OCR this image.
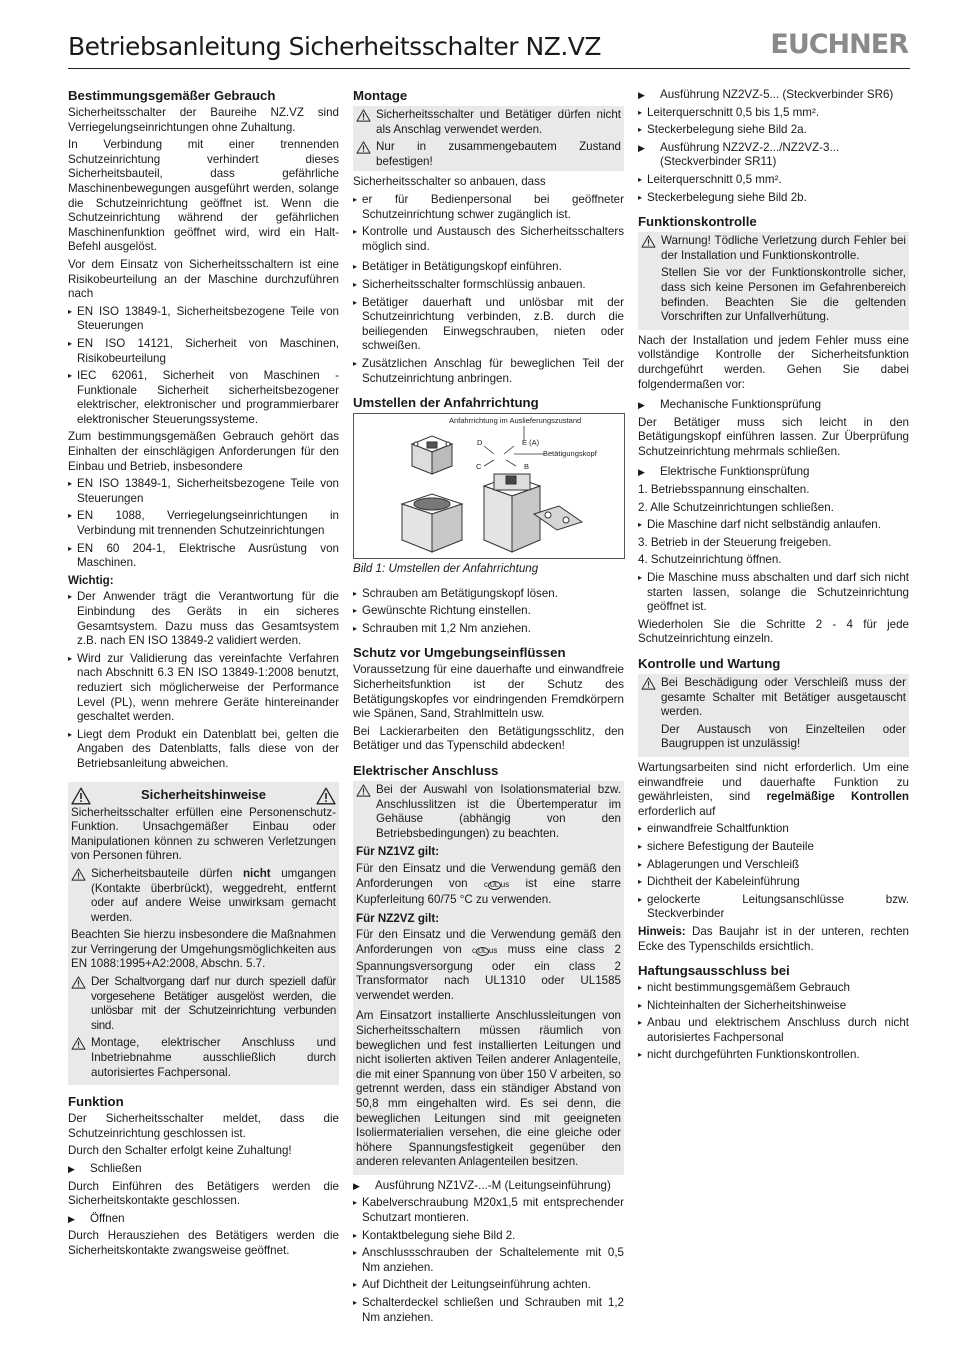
Betriebsanleitung Sicherheitsschalter NZ.VZ	EUCHNER
Bestimmungsgemäßer Gebrauch

Sicherheitsschalter der Baureihe NZ.VZ sind Verriegelungseinrichtungen ohne Zuhaltung.

In Verbindung mit einer trennenden Schutzeinrichtung verhindert dieses Sicherheitsbauteil, dass gefährliche Maschinenbewegungen ausgeführt werden, solange die Schutzeinrichtung geöffnet ist. Wenn die Schutzeinrichtung während der gefährlichen Maschinenfunktion geöffnet wird, wird ein Halt-Befehl ausgelöst.

Vor dem Einsatz von Sicherheitsschaltern ist eine Risikobeurteilung an der Maschine durchzuführen nach

▸ EN ISO 13849-1, Sicherheitsbezogene Teile von Steuerungen
▸ EN ISO 14121, Sicherheit von Maschinen, Risikobeurteilung
▸ IEC 62061, Sicherheit von Maschinen - Funktionale Sicherheit sicherheitsbezogener elektrischer, elektronischer und programmierbarer elektronischer Steuerungssysteme.

Zum bestimmungsgemäßen Gebrauch gehört das Einhalten der einschlägigen Anforderungen für den Einbau und Betrieb, insbesondere

▸ EN ISO 13849-1, Sicherheitsbezogene Teile von Steuerungen
▸ EN 1088, Verriegelungseinrichtungen in Verbindung mit trennenden Schutzeinrichtungen
▸ EN 60 204-1, Elektrische Ausrüstung von Maschinen.
Wichtig:
▸ Der Anwender trägt die Verantwortung für die Einbindung des Geräts in ein sicheres Gesamtsystem. Dazu muss das Gesamtsystem z.B. nach EN ISO 13849-2 validiert werden.
▸ Wird zur Validierung das vereinfachte Verfahren nach Abschnitt 6.3 EN ISO 13849-1:2008 benutzt, reduziert sich möglicherweise der Performance Level (PL), wenn mehrere Geräte hintereinander geschaltet werden.
▸ Liegt dem Produkt ein Datenblatt bei, gelten die Angaben des Datenblatts, falls diese von der Betriebsanleitung abweichen.
Sicherheitshinweise

Sicherheitsschalter erfüllen eine Personenschutz-Funktion. Unsachgemäßer Einbau oder Manipulationen können zu schweren Verletzungen von Personen führen.

Sicherheitsbauteile dürfen nicht umgangen (Kontakte überbrückt), weggedreht, entfernt oder auf andere Weise unwirksam gemacht werden.

Beachten Sie hierzu insbesondere die Maßnahmen zur Verringerung der Umgehungsmöglichkeiten aus EN 1088:1995+A2:2008, Abschn. 5.7.

Der Schaltvorgang darf nur durch speziell dafür vorgesehene Betätiger ausgelöst werden, die unlösbar mit der Schutzeinrichtung verbunden sind.
Montage, elektrischer Anschluss und Inbetriebnahme ausschließlich durch autorisiertes Fachpersonal.
Funktion

Der Sicherheitsschalter meldet, dass die Schutzeinrichtung geschlossen ist.

Durch den Schalter erfolgt keine Zuhaltung!

▶	Schließen

Durch Einführen des Betätigers werden die Sicherheitskontakte geschlossen.

▶	Öffnen

Durch Herausziehen des Betätigers werden die Sicherheitskontakte zwangsweise geöffnet.

Montage
Sicherheitsschalter und Betätiger dürfen nicht als Anschlag verwendet werden.
Nur in zusammengebautem Zustand befestigen!

Sicherheitsschalter so anbauen, dass

▸ er für Bedienpersonal bei geöffneter Schutzeinrichtung schwer zugänglich ist.
▸ Kontrolle und Austausch des Sicherheitsschalters möglich sind.
▸ Betätiger in Betätigungskopf einführen.
▸ Sicherheitsschalter formschlüssig anbauen.
▸ Betätiger dauerhaft und unlösbar mit der Schutzeinrichtung verbinden, z.B. durch die beiliegenden Einwegschrauben, nieten oder schweißen.
▸ Zusätzlichen Anschlag für beweglichen Teil der Schutzeinrichtung anbringen.
Umstellen der Anfahrrichtung
Anfahrrichtung im Auslieferungszustand
Betätigungskopf
D	E (A)
C	B
Bild 1: Umstellen der Anfahrrichtung
▸ Schrauben am Betätigungskopf lösen.
▸ Gewünschte Richtung einstellen.
▸ Schrauben mit 1,2 Nm anziehen.
Schutz vor Umgebungseinflüssen

Voraussetzung für eine dauerhafte und einwandfreie Sicherheitsfunktion ist der Schutz des Betätigungskopfes vor eindringenden Fremdkörpern wie Spänen, Sand, Strahlmitteln usw.

Bei Lackierarbeiten den Betätigungsschlitz, den Betätiger und das Typenschild abdecken!

Elektrischer Anschluss
Bei der Auswahl von Isolationsmaterial bzw. Anschlusslitzen ist die Übertemperatur im Gehäuse (abhängig von den Betriebsbedingungen) zu beachten.
Für NZ1VZ gilt:

Für den Einsatz und die Verwendung gemäß den Anforderungen von c UL us ist eine starre Kupferleitung 60/75 °C zu verwenden.

Für NZ2VZ gilt:

Für den Einsatz und die Verwendung gemäß den Anforderungen von c UL us muss eine class 2 Spannungsversorgung oder ein class 2 Transformator nach UL1310 oder UL1585 verwendet werden.

Am Einsatzort installierte Anschlussleitungen von Sicherheitsschaltern müssen räumlich von beweglichen und fest installierten Leitungen und nicht isolierten aktiven Teilen anderer Anlagenteile, die mit einer Spannung von über 150 V arbeiten, so getrennt werden, dass ein ständiger Abstand von 50,8 mm eingehalten wird. Es sei denn, die beweglichen Leitungen sind mit geeigneten Isoliermaterialien versehen, die eine gleiche oder höhere Spannungsfestigkeit gegenüber den anderen relevanten Anlagenteilen besitzen.

▶	Ausführung NZ1VZ-...-M (Leitungseinführung)
▸ Kabelverschraubung M20x1,5 mit entsprechender Schutzart montieren.
▸ Kontaktbelegung siehe Bild 2.
▸ Anschlussschrauben der Schaltelemente mit 0,5 Nm anziehen.
▸ Auf Dichtheit der Leitungseinführung achten.
▸ Schalterdeckel schließen und Schrauben mit 1,2 Nm anziehen.
▶	Ausführung NZ2VZ-5... (Steckverbinder SR6)
▸ Leiterquerschnitt 0,5 bis 1,5 mm².
▸ Steckerbelegung siehe Bild 2a.
▶	Ausführung NZ2VZ-2.../NZ2VZ-3... (Steckverbinder SR11)
▸ Leiterquerschnitt 0,5 mm².
▸ Steckerbelegung siehe Bild 2b.
Funktionskontrolle
Warnung! Tödliche Verletzung durch Fehler bei der Installation und Funktionskontrolle.
Stellen Sie vor der Funktionskontrolle sicher, dass sich keine Personen im Gefahrenbereich befinden. Beachten Sie die geltenden Vorschriften zur Unfallverhütung.

Nach der Installation und jedem Fehler muss eine vollständige Kontrolle der Sicherheitsfunktion durchgeführt werden. Gehen Sie dabei folgendermaßen vor:

▶	Mechanische Funktionsprüfung

Der Betätiger muss sich leicht in den Betätigungskopf einführen lassen. Zur Überprüfung Schutzeinrichtung mehrmals schließen.

▶	Elektrische Funktionsprüfung
1. Betriebsspannung einschalten.
2. Alle Schutzeinrichtungen schließen.
▸ Die Maschine darf nicht selbständig anlaufen.
3. Betrieb in der Steuerung freigeben.
4. Schutzeinrichtung öffnen.
▸ Die Maschine muss abschalten und darf sich nicht starten lassen, solange die Schutzeinrichtung geöffnet ist.

Wiederholen Sie die Schritte 2 - 4 für jede Schutzeinrichtung einzeln.

Kontrolle und Wartung
Bei Beschädigung oder Verschleiß muss der gesamte Schalter mit Betätiger ausgetauscht werden.
Der Austausch von Einzelteilen oder Baugruppen ist unzulässig!

Wartungsarbeiten sind nicht erforderlich. Um eine einwandfreie und dauerhafte Funktion zu gewährleisten, sind regelmäßige Kontrollen erforderlich auf

▸ einwandfreie Schaltfunktion
▸ sichere Befestigung der Bauteile
▸ Ablagerungen und Verschleiß
▸ Dichtheit der Kabeleinführung
▸ gelockerte Leitungsanschlüsse bzw. Steckverbinder

Hinweis: Das Baujahr ist in der unteren, rechten Ecke des Typenschilds ersichtlich.

Haftungsausschluss bei
▸ nicht bestimmungsgemäßem Gebrauch
▸ Nichteinhalten der Sicherheitshinweise
▸ Anbau und elektrischem Anschluss durch nicht autorisiertes Fachpersonal
▸ nicht durchgeführten Funktionskontrollen.
